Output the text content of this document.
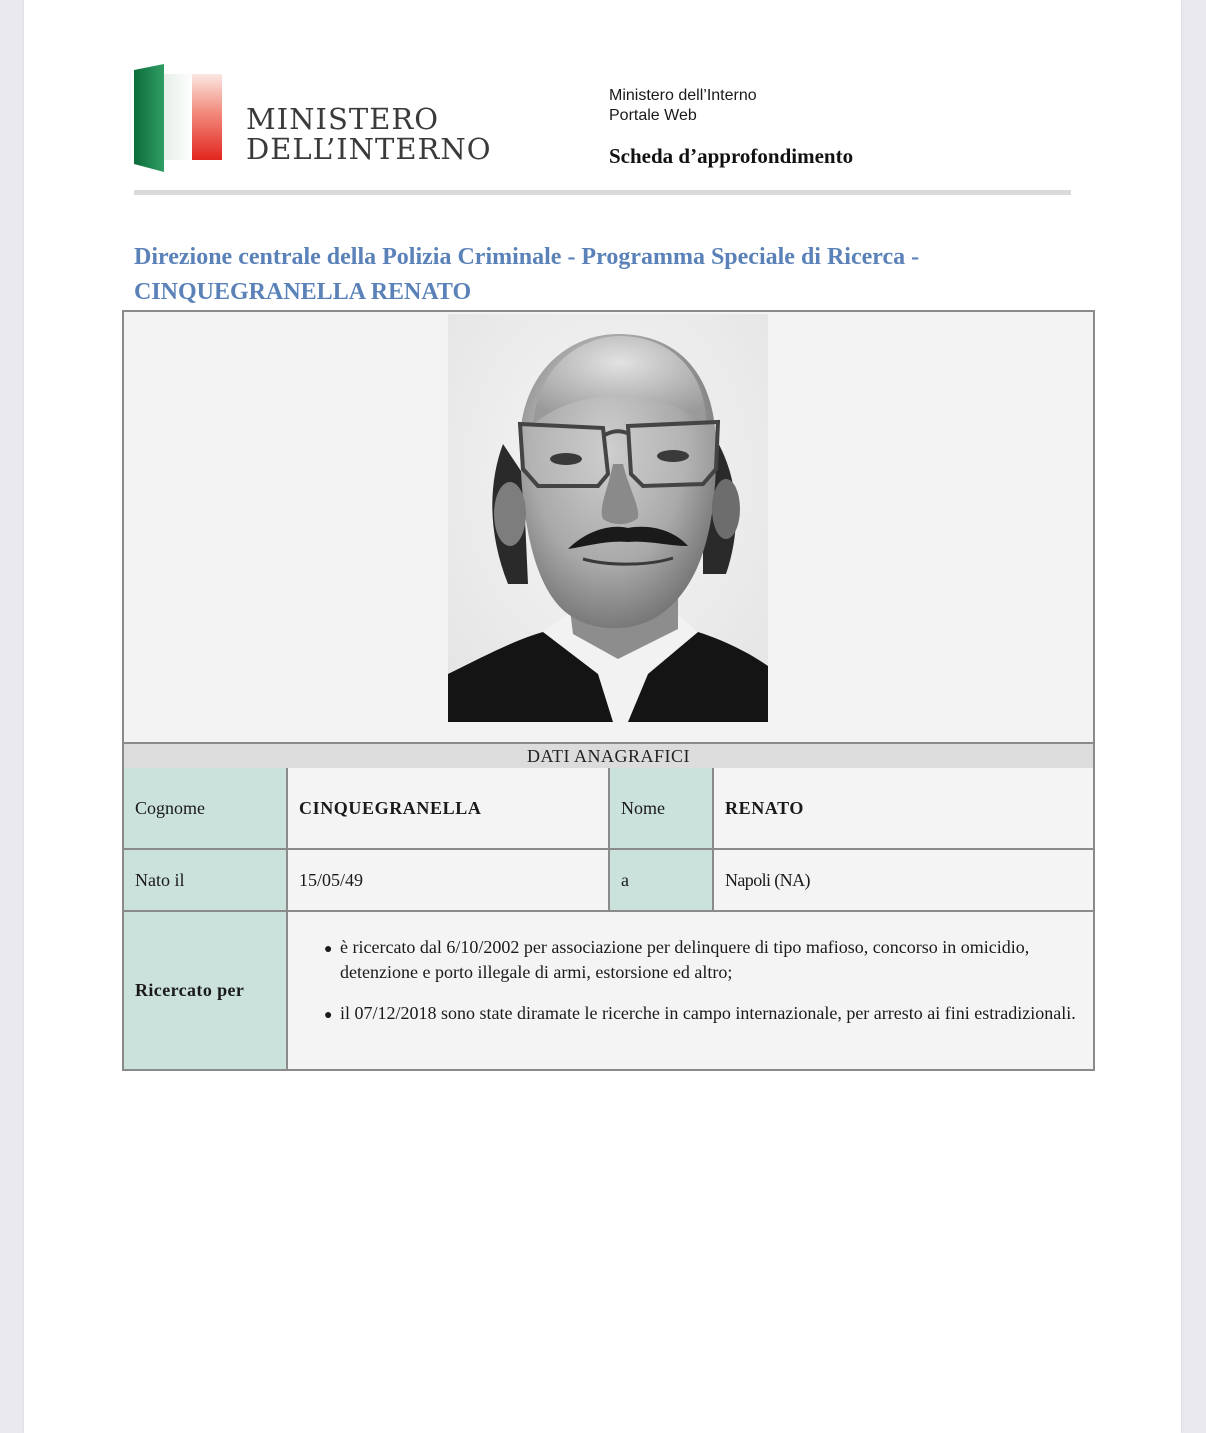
MINISTERO
DELL’INTERNO
Ministero dell’Interno
Portale Web
Scheda d’approfondimento
Direzione centrale della Polizia Criminale - Programma Speciale di Ricerca -
CINQUEGRANELLA RENATO
DATI ANAGRAFICI
Cognome	CINQUEGRANELLA	Nome	RENATO
Nato il	15/05/49	a	Napoli (NA)
Ricercato per
● è ricercato dal 6/10/2002 per associazione per delinquere di tipo mafioso, concorso in omicidio, detenzione e porto illegale di armi, estorsione ed altro;
● il 07/12/2018 sono state diramate le ricerche in campo internazionale, per arresto ai fini estradizionali.
